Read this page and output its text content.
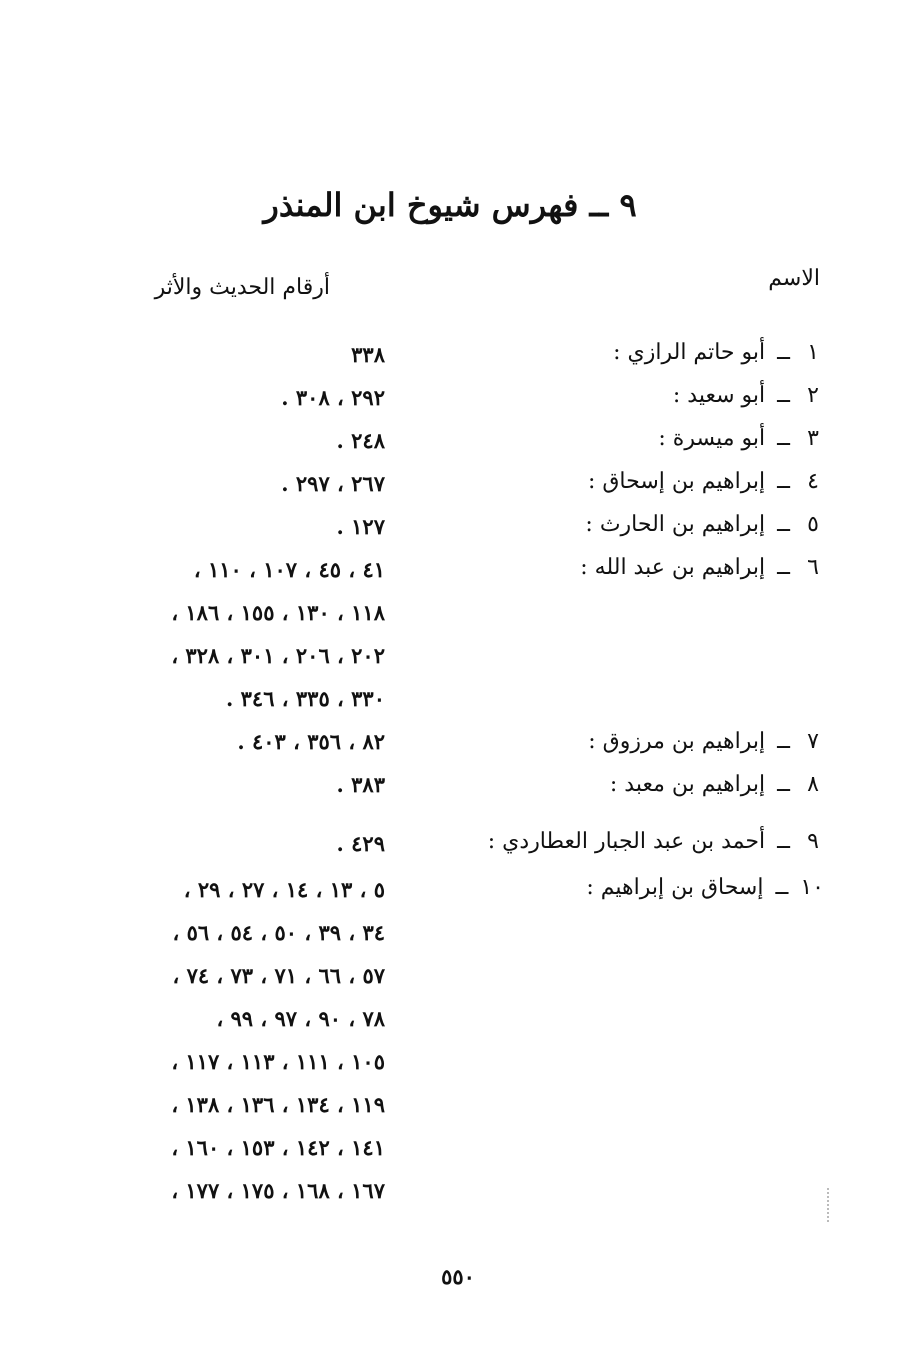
٩ ــ فهرس شيوخ ابن المنذر
الاسم
أرقام الحديث والأثر
١ــأبو حاتم الرازي :
٢ــأبو سعيد :
٣ــأبو ميسرة :
٤ــإبراهيم بن إسحاق :
٥ــإبراهيم بن الحارث :
٦ــإبراهيم بن عبد الله :
٧ــإبراهيم بن مرزوق :
٨ــإبراهيم بن معبد :
٩ــأحمد بن عبد الجبار العطاردي :
١٠ــإسحاق بن إبراهيم :
٣٣٨
٢٩٢ ، ٣٠٨ .
٢٤٨ .
٢٦٧ ، ٢٩٧ .
١٢٧ .
٤١ ، ٤٥ ، ١٠٧ ، ١١٠ ،
١١٨ ، ١٣٠ ، ١٥٥ ، ١٨٦ ،
٢٠٢ ، ٢٠٦ ، ٣٠١ ، ٣٢٨ ،
٣٣٠ ، ٣٣٥ ، ٣٤٦ .
٨٢ ، ٣٥٦ ، ٤٠٣ .
٣٨٣ .
٤٢٩ .
٥ ، ١٣ ، ١٤ ، ٢٧ ، ٢٩ ،
٣٤ ، ٣٩ ، ٥٠ ، ٥٤ ، ٥٦ ،
٥٧ ، ٦٦ ، ٧١ ، ٧٣ ، ٧٤ ،
٧٨ ، ٩٠ ، ٩٧ ، ٩٩ ،
١٠٥ ، ١١١ ، ١١٣ ، ١١٧ ،
١١٩ ، ١٣٤ ، ١٣٦ ، ١٣٨ ،
١٤١ ، ١٤٢ ، ١٥٣ ، ١٦٠ ،
١٦٧ ، ١٦٨ ، ١٧٥ ، ١٧٧ ،
٥٥٠
